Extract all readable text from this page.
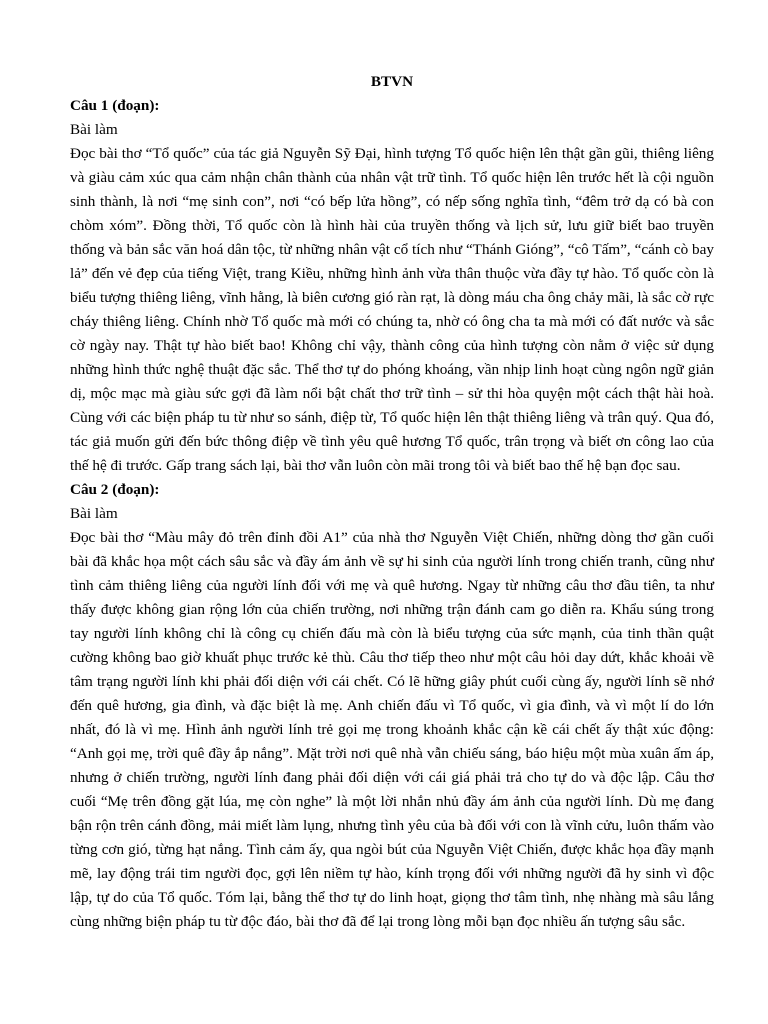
BTVN

Câu 1 (đoạn):

Bài làm

Đọc bài thơ “Tổ quốc” của tác giả Nguyễn Sỹ Đại, hình tượng Tổ quốc hiện lên thật gần gũi, thiêng liêng và giàu cảm xúc qua cảm nhận chân thành của nhân vật trữ tình. Tổ quốc hiện lên trước hết là cội nguồn sinh thành, là nơi “mẹ sinh con”, nơi “có bếp lửa hồng”, có nếp sống nghĩa tình, “đêm trở dạ có bà con chòm xóm”. Đồng thời, Tổ quốc còn là hình hài của truyền thống và lịch sử, lưu giữ biết bao truyền thống và bản sắc văn hoá dân tộc, từ những nhân vật cổ tích như “Thánh Gióng”, “cô Tấm”, “cánh cò bay lả” đến vẻ đẹp của tiếng Việt, trang Kiều, những hình ảnh vừa thân thuộc vừa đầy tự hào. Tổ quốc còn là biểu tượng thiêng liêng, vĩnh hằng, là biên cương gió ràn rạt, là dòng máu cha ông chảy mãi, là sắc cờ rực cháy thiêng liêng. Chính nhờ Tổ quốc mà mới có chúng ta, nhờ có ông cha ta mà mới có đất nước và sắc cờ ngày nay. Thật tự hào biết bao! Không chỉ vậy, thành công của hình tượng còn nằm ở việc sử dụng những hình thức nghệ thuật đặc sắc. Thể thơ tự do phóng khoáng, vần nhịp linh hoạt cùng ngôn ngữ giản dị, mộc mạc mà giàu sức gợi đã làm nổi bật chất thơ trữ tình – sử thi hòa quyện một cách thật hài hoà. Cùng với các biện pháp tu từ như so sánh, điệp từ, Tổ quốc hiện lên thật thiêng liêng và trân quý. Qua đó, tác giả muốn gửi đến bức thông điệp về tình yêu quê hương Tổ quốc, trân trọng và biết ơn công lao của thế hệ đi trước. Gấp trang sách lại, bài thơ vẫn luôn còn mãi trong tôi và biết bao thế hệ bạn đọc sau.

Câu 2 (đoạn):

Bài làm

Đọc bài thơ “Màu mây đỏ trên đỉnh đồi A1” của nhà thơ Nguyễn Việt Chiến, những dòng thơ gần cuối bài đã khắc họa một cách sâu sắc và đầy ám ảnh về sự hi sinh của người lính trong chiến tranh, cũng như tình cảm thiêng liêng của người lính đối với mẹ và quê hương. Ngay từ những câu thơ đầu tiên, ta như thấy được không gian rộng lớn của chiến trường, nơi những trận đánh cam go diễn ra. Khẩu súng trong tay người lính không chỉ là công cụ chiến đấu mà còn là biểu tượng của sức mạnh, của tinh thần quật cường không bao giờ khuất phục trước kẻ thù. Câu thơ tiếp theo như một câu hỏi day dứt, khắc khoải về tâm trạng người lính khi phải đối diện với cái chết. Có lẽ hững giây phút cuối cùng ấy, người lính sẽ nhớ đến quê hương, gia đình, và đặc biệt là mẹ. Anh chiến đấu vì Tổ quốc, vì gia đình, và vì một lí do lớn nhất, đó là vì mẹ. Hình ảnh người lính trẻ gọi mẹ trong khoảnh khắc cận kề cái chết ấy thật xúc động: “Anh gọi mẹ, trời quê đầy ắp nắng”. Mặt trời nơi quê nhà vẫn chiếu sáng, báo hiệu một mùa xuân ấm áp, nhưng ở chiến trường, người lính đang phải đối diện với cái giá phải trả cho tự do và độc lập. Câu thơ cuối “Mẹ trên đồng gặt lúa, mẹ còn nghe” là một lời nhắn nhủ đầy ám ảnh của người lính. Dù mẹ đang bận rộn trên cánh đồng, mải miết làm lụng, nhưng tình yêu của bà đối với con là vĩnh cửu, luôn thấm vào từng cơn gió, từng hạt nắng. Tình cảm ấy, qua ngòi bút của Nguyễn Việt Chiến, được khắc họa đầy mạnh mẽ, lay động trái tim người đọc, gợi lên niềm tự hào, kính trọng đối với những người đã hy sinh vì độc lập, tự do của Tổ quốc. Tóm lại, bằng thể thơ tự do linh hoạt, giọng thơ tâm tình, nhẹ nhàng mà sâu lắng cùng những biện pháp tu từ độc đáo, bài thơ đã để lại trong lòng mỗi bạn đọc nhiều ấn tượng sâu sắc.
